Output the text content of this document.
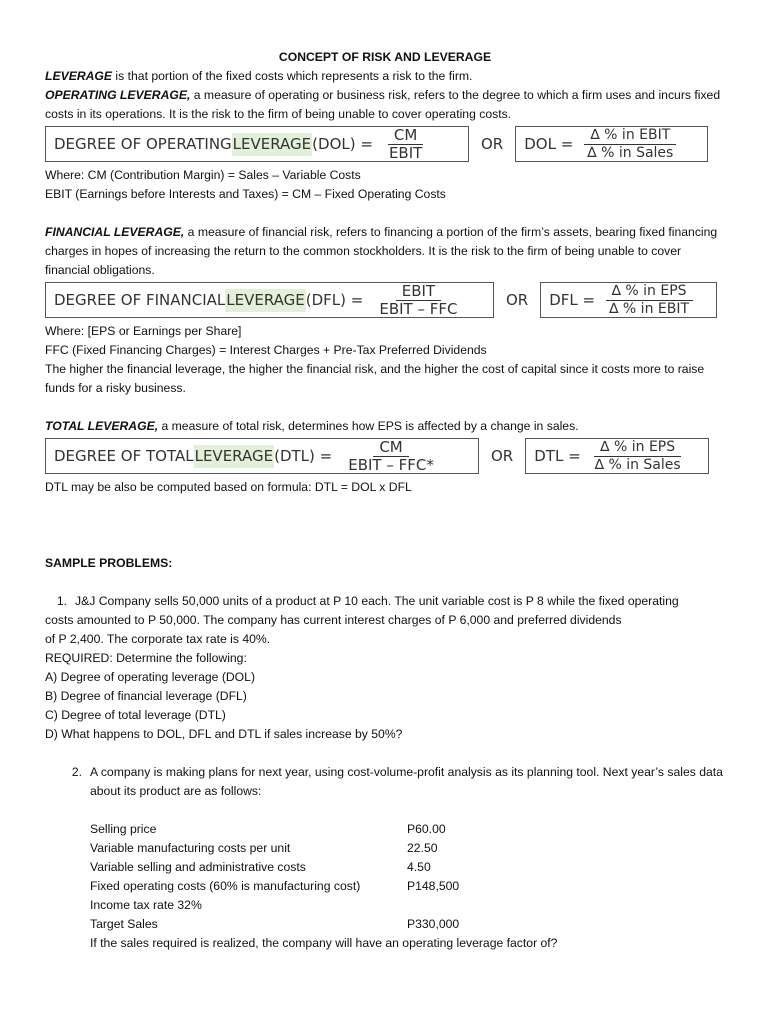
CONCEPT OF RISK AND LEVERAGE

LEVERAGE is that portion of the fixed costs which represents a risk to the firm.

OPERATING LEVERAGE, a measure of operating or business risk, refers to the degree to which a firm uses and incurs fixed costs in its operations. It is the risk to the firm of being unable to cover operating costs.

DEGREE OF OPERATING LEVERAGE $(DOL) = \frac{CM}{\text{EBIT}}$	OR DOL = $\frac{\text{∆ \% in EBIT}}{\text{∆ \% in Sales}}$

Where: CM (Contribution Margin) = Sales – Variable Costs

EBIT (Earnings before Interests and Taxes) = CM – Fixed Operating Costs

FINANCIAL LEVERAGE, a measure of financial risk, refers to financing a portion of the firm’s assets, bearing fixed financing charges in hopes of increasing the return to the common stockholders. It is the risk to the firm of being unable to cover financial obligations.

DEGREE OF FINANCIAL LEVERAGE $(DFL) = \frac{\text{EBIT}}{\text{EBIT – FFC}}$	OR DFL = $\frac{\text{∆ \% in EPS}}{\text{∆ \% in EBIT}}$

Where: [EPS or Earnings per Share]

FFC (Fixed Financing Charges) = Interest Charges + Pre-Tax Preferred Dividends

The higher the financial leverage, the higher the financial risk, and the higher the cost of capital since it costs more to raise funds for a risky business.

TOTAL LEVERAGE, a measure of total risk, determines how EPS is affected by a change in sales.

DEGREE OF TOTAL LEVERAGE $(DTL) = \frac{CM}{\text{EBIT – FFC*}}$	OR DTL = $\frac{\text{∆ \% in EPS}}{\text{∆ \% in Sales}}$

DTL may be also be computed based on formula: DTL = DOL x DFL

SAMPLE PROBLEMS:

1. J&J Company sells 50,000 units of a product at P 10 each. The unit variable cost is P 8 while the fixed operating

costs amounted to P 50,000. The company has current interest charges of P 6,000 and preferred dividends

of P 2,400. The corporate tax rate is 40%.

REQUIRED: Determine the following:

A) Degree of operating leverage (DOL)

B) Degree of financial leverage (DFL)

C) Degree of total leverage (DTL)

D) What happens to DOL, DFL and DTL if sales increase by 50%?

2. A company is making plans for next year, using cost-volume-profit analysis as its planning tool. Next year’s sales data about its product are as follows:

Selling price	P60.00
Variable manufacturing costs per unit	22.50
Variable selling and administrative costs	4.50
Fixed operating costs (60% is manufacturing cost)	P148,500
Income tax rate 32%	
Target Sales	P330,000

If the sales required is realized, the company will have an operating leverage factor of?
